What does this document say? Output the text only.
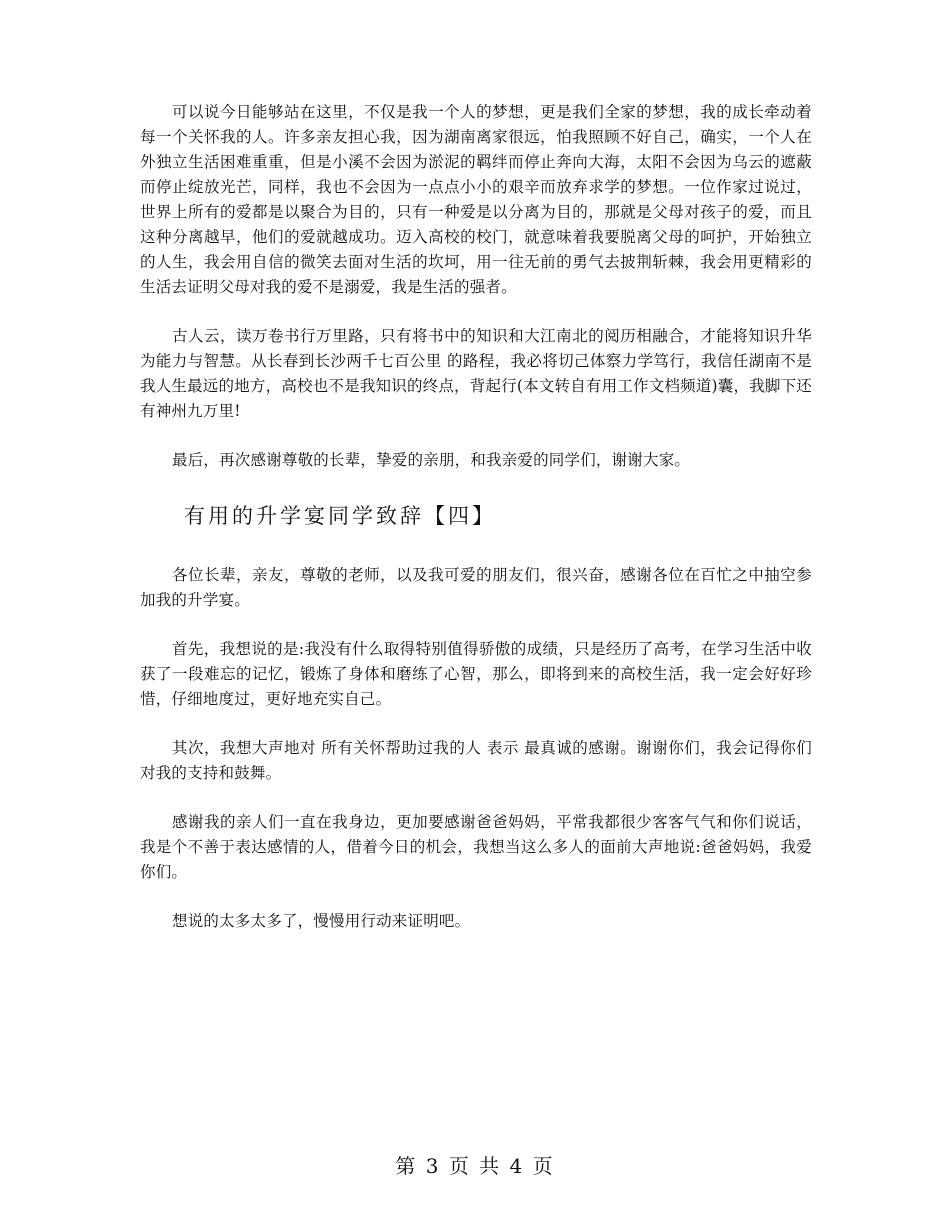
可以说今日能够站在这里，不仅是我一个人的梦想，更是我们全家的梦想，我的成长牵动着每一个关怀我的人。许多亲友担心我，因为湖南离家很远，怕我照顾不好自己，确实，一个人在外独立生活困难重重，但是小溪不会因为淤泥的羁绊而停止奔向大海，太阳不会因为乌云的遮蔽而停止绽放光芒，同样，我也不会因为一点点小小的艰辛而放弃求学的梦想。一位作家过说过，世界上所有的爱都是以聚合为目的，只有一种爱是以分离为目的，那就是父母对孩子的爱，而且这种分离越早，他们的爱就越成功。迈入高校的校门，就意味着我要脱离父母的呵护，开始独立的人生，我会用自信的微笑去面对生活的坎坷，用一往无前的勇气去披荆斩棘，我会用更精彩的生活去证明父母对我的爱不是溺爱，我是生活的强者。

古人云，读万卷书行万里路，只有将书中的知识和大江南北的阅历相融合，才能将知识升华为能力与智慧。从长春到长沙两千七百公里 的路程，我必将切己体察力学笃行，我信任湖南不是我人生最远的地方，高校也不是我知识的终点，背起行(本文转自有用工作文档频道)囊，我脚下还有神州九万里!

最后，再次感谢尊敬的长辈，挚爱的亲朋，和我亲爱的同学们，谢谢大家。

有用的升学宴同学致辞【四】

各位长辈，亲友，尊敬的老师，以及我可爱的朋友们，很兴奋，感谢各位在百忙之中抽空参加我的升学宴。

首先，我想说的是:我没有什么取得特别值得骄傲的成绩，只是经历了高考，在学习生活中收获了一段难忘的记忆，锻炼了身体和磨练了心智，那么，即将到来的高校生活，我一定会好好珍惜，仔细地度过，更好地充实自己。

其次，我想大声地对 所有关怀帮助过我的人 表示 最真诚的感谢。谢谢你们，我会记得你们对我的支持和鼓舞。

感谢我的亲人们一直在我身边，更加要感谢爸爸妈妈，平常我都很少客客气气和你们说话，我是个不善于表达感情的人，借着今日的机会，我想当这么多人的面前大声地说:爸爸妈妈，我爱你们。

想说的太多太多了，慢慢用行动来证明吧。

第 3 页 共 4 页
